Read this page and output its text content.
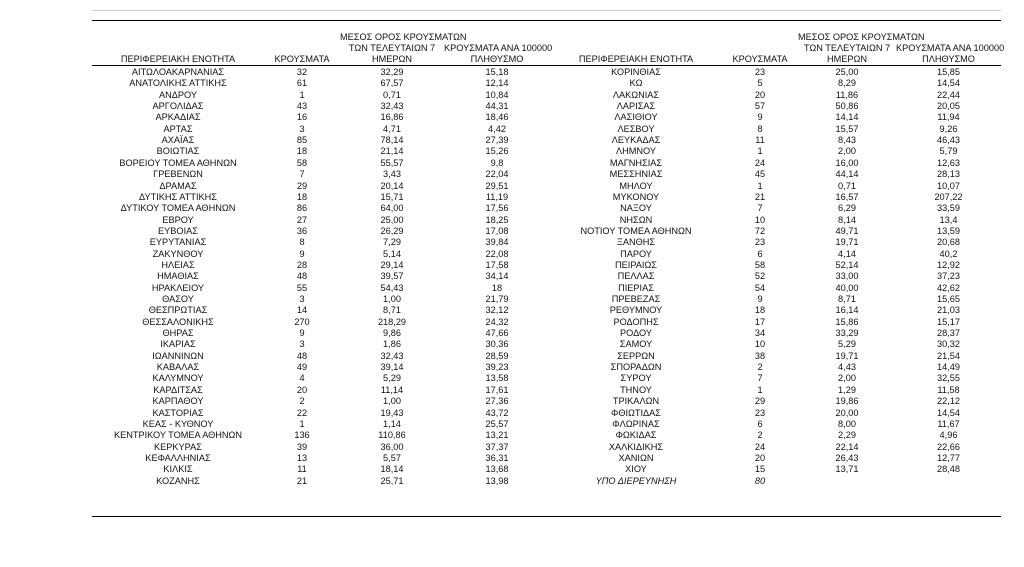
ΠΕΡΙΦΕΡΕΙΑΚΗ ΕΝΟΤΗΤΑ	ΚΡΟΥΣΜΑΤΑ
ΜΕΣΟΣ ΟΡΟΣ ΚΡΟΥΣΜΑΤΩΝ
ΤΩΝ ΤΕΛΕΥΤΑΙΩΝ 7
ΗΜΕΡΩΝ
ΚΡΟΥΣΜΑΤΑ ΑΝΑ 100000
ΠΛΗΘΥΣΜΟ	ΠΕΡΙΦΕΡΕΙΑΚΗ ΕΝΟΤΗΤΑ	ΚΡΟΥΣΜΑΤΑ
ΜΕΣΟΣ ΟΡΟΣ ΚΡΟΥΣΜΑΤΩΝ
ΤΩΝ ΤΕΛΕΥΤΑΙΩΝ 7
ΗΜΕΡΩΝ
ΚΡΟΥΣΜΑΤΑ ΑΝΑ 100000
ΠΛΗΘΥΣΜΟ
ΑΙΤΩΛΟΑΚΑΡΝΑΝΙΑΣ	32	32,29	15,18	ΚΟΡΙΝΘΙΑΣ	23	25,00	15,85
ΑΝΑΤΟΛΙΚΗΣ ΑΤΤΙΚΗΣ	61	67,57	12,14	ΚΩ	5	8,29	14,54
ΑΝΔΡΟΥ	1	0,71	10,84	ΛΑΚΩΝΙΑΣ	20	11,86	22,44
ΑΡΓΟΛΙΔΑΣ	43	32,43	44,31	ΛΑΡΙΣΑΣ	57	50,86	20,05
ΑΡΚΑΔΙΑΣ	16	16,86	18,46	ΛΑΣΙΘΙΟΥ	9	14,14	11,94
ΑΡΤΑΣ	3	4,71	4,42	ΛΕΣΒΟΥ	8	15,57	9,26
ΑΧΑΪΑΣ	85	78,14	27,39	ΛΕΥΚΑΔΑΣ	11	8,43	46,43
ΒΟΙΩΤΙΑΣ	18	21,14	15,26	ΛΗΜΝΟΥ	1	2,00	5,79
ΒΟΡΕΙΟΥ ΤΟΜΕΑ ΑΘΗΝΩΝ	58	55,57	9,8	ΜΑΓΝΗΣΙΑΣ	24	16,00	12,63
ΓΡΕΒΕΝΩΝ	7	3,43	22,04	ΜΕΣΣΗΝΙΑΣ	45	44,14	28,13
ΔΡΑΜΑΣ	29	20,14	29,51	ΜΗΛΟΥ	1	0,71	10,07
ΔΥΤΙΚΗΣ ΑΤΤΙΚΗΣ	18	15,71	11,19	ΜΥΚΟΝΟΥ	21	16,57	207,22
ΔΥΤΙΚΟΥ ΤΟΜΕΑ ΑΘΗΝΩΝ	86	64,00	17,56	ΝΑΞΟΥ	7	6,29	33,59
ΕΒΡΟΥ	27	25,00	18,25	ΝΗΣΩΝ	10	8,14	13,4
ΕΥΒΟΙΑΣ	36	26,29	17,08	ΝΟΤΙΟΥ ΤΟΜΕΑ ΑΘΗΝΩΝ	72	49,71	13,59
ΕΥΡΥΤΑΝΙΑΣ	8	7,29	39,84	ΞΑΝΘΗΣ	23	19,71	20,68
ΖΑΚΥΝΘΟΥ	9	5,14	22,08	ΠΑΡΟΥ	6	4,14	40,2
ΗΛΕΙΑΣ	28	29,14	17,58	ΠΕΙΡΑΙΩΣ	58	52,14	12,92
ΗΜΑΘΙΑΣ	48	39,57	34,14	ΠΕΛΛΑΣ	52	33,00	37,23
ΗΡΑΚΛΕΙΟΥ	55	54,43	18	ΠΙΕΡΙΑΣ	54	40,00	42,62
ΘΑΣΟΥ	3	1,00	21,79	ΠΡΕΒΕΖΑΣ	9	8,71	15,65
ΘΕΣΠΡΩΤΙΑΣ	14	8,71	32,12	ΡΕΘΥΜΝΟΥ	18	16,14	21,03
ΘΕΣΣΑΛΟΝΙΚΗΣ	270	218,29	24,32	ΡΟΔΟΠΗΣ	17	15,86	15,17
ΘΗΡΑΣ	9	9,86	47,66	ΡΟΔΟΥ	34	33,29	28,37
ΙΚΑΡΙΑΣ	3	1,86	30,36	ΣΑΜΟΥ	10	5,29	30,32
ΙΩΑΝΝΙΝΩΝ	48	32,43	28,59	ΣΕΡΡΩΝ	38	19,71	21,54
ΚΑΒΑΛΑΣ	49	39,14	39,23	ΣΠΟΡΑΔΩΝ	2	4,43	14,49
ΚΑΛΥΜΝΟΥ	4	5,29	13,58	ΣΥΡΟΥ	7	2,00	32,55
ΚΑΡΔΙΤΣΑΣ	20	11,14	17,61	ΤΗΝΟΥ	1	1,29	11,58
ΚΑΡΠΑΘΟΥ	2	1,00	27,36	ΤΡΙΚΑΛΩΝ	29	19,86	22,12
ΚΑΣΤΟΡΙΑΣ	22	19,43	43,72	ΦΘΙΩΤΙΔΑΣ	23	20,00	14,54
ΚΕΑΣ - ΚΥΘΝΟΥ	1	1,14	25,57	ΦΛΩΡΙΝΑΣ	6	8,00	11,67
ΚΕΝΤΡΙΚΟΥ ΤΟΜΕΑ ΑΘΗΝΩΝ	136	110,86	13,21	ΦΩΚΙΔΑΣ	2	2,29	4,96
ΚΕΡΚΥΡΑΣ	39	36,00	37,37	ΧΑΛΚΙΔΙΚΗΣ	24	22,14	22,66
ΚΕΦΑΛΛΗΝΙΑΣ	13	5,57	36,31	ΧΑΝΙΩΝ	20	26,43	12,77
ΚΙΛΚΙΣ	11	18,14	13,68	ΧΙΟΥ	15	13,71	28,48
ΚΟΖΑΝΗΣ	21	25,71	13,98	ΥΠΟ ΔΙΕΡΕΥΝΗΣΗ	80
